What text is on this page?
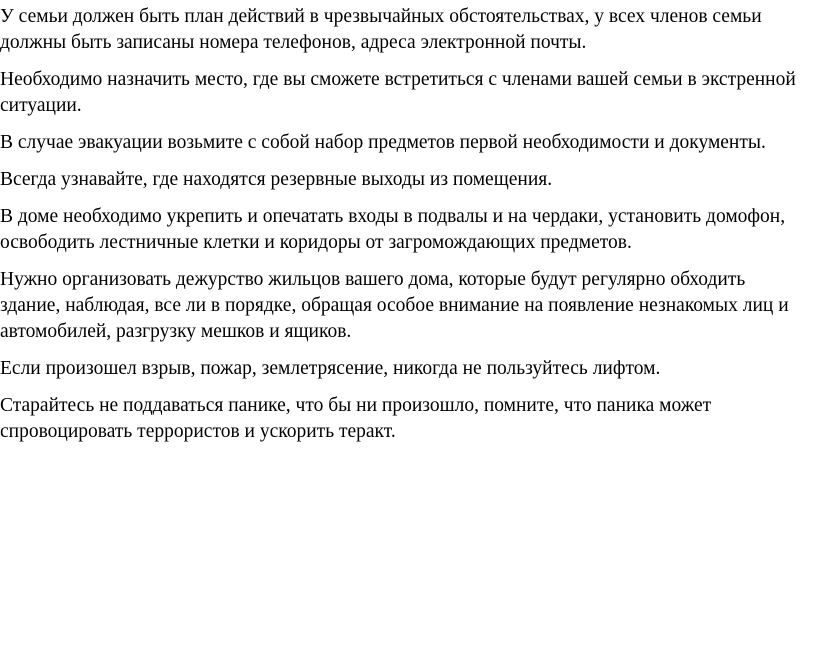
У семьи должен быть план действий в чрезвычайных обстоятельствах, у всех членов семьи должны быть записаны номера телефонов, адреса электронной почты.

Необходимо назначить место, где вы сможете встретиться с членами вашей семьи в экстренной ситуации.

В случае эвакуации возьмите с собой набор предметов первой необходимости и документы.

Всегда узнавайте, где находятся резервные выходы из помещения.

В доме необходимо укрепить и опечатать входы в подвалы и на чердаки, установить домофон, освободить лестничные клетки и коридоры от загромождающих предметов.

Нужно организовать дежурство жильцов вашего дома, которые будут регулярно обходить здание, наблюдая, все ли в порядке, обращая особое внимание на появление незнакомых лиц и автомобилей, разгрузку мешков и ящиков.

Если произошел взрыв, пожар, землетрясение, никогда не пользуйтесь лифтом.

Старайтесь не поддаваться панике, что бы ни произошло, помните, что паника может спровоцировать террористов и ускорить теракт.
